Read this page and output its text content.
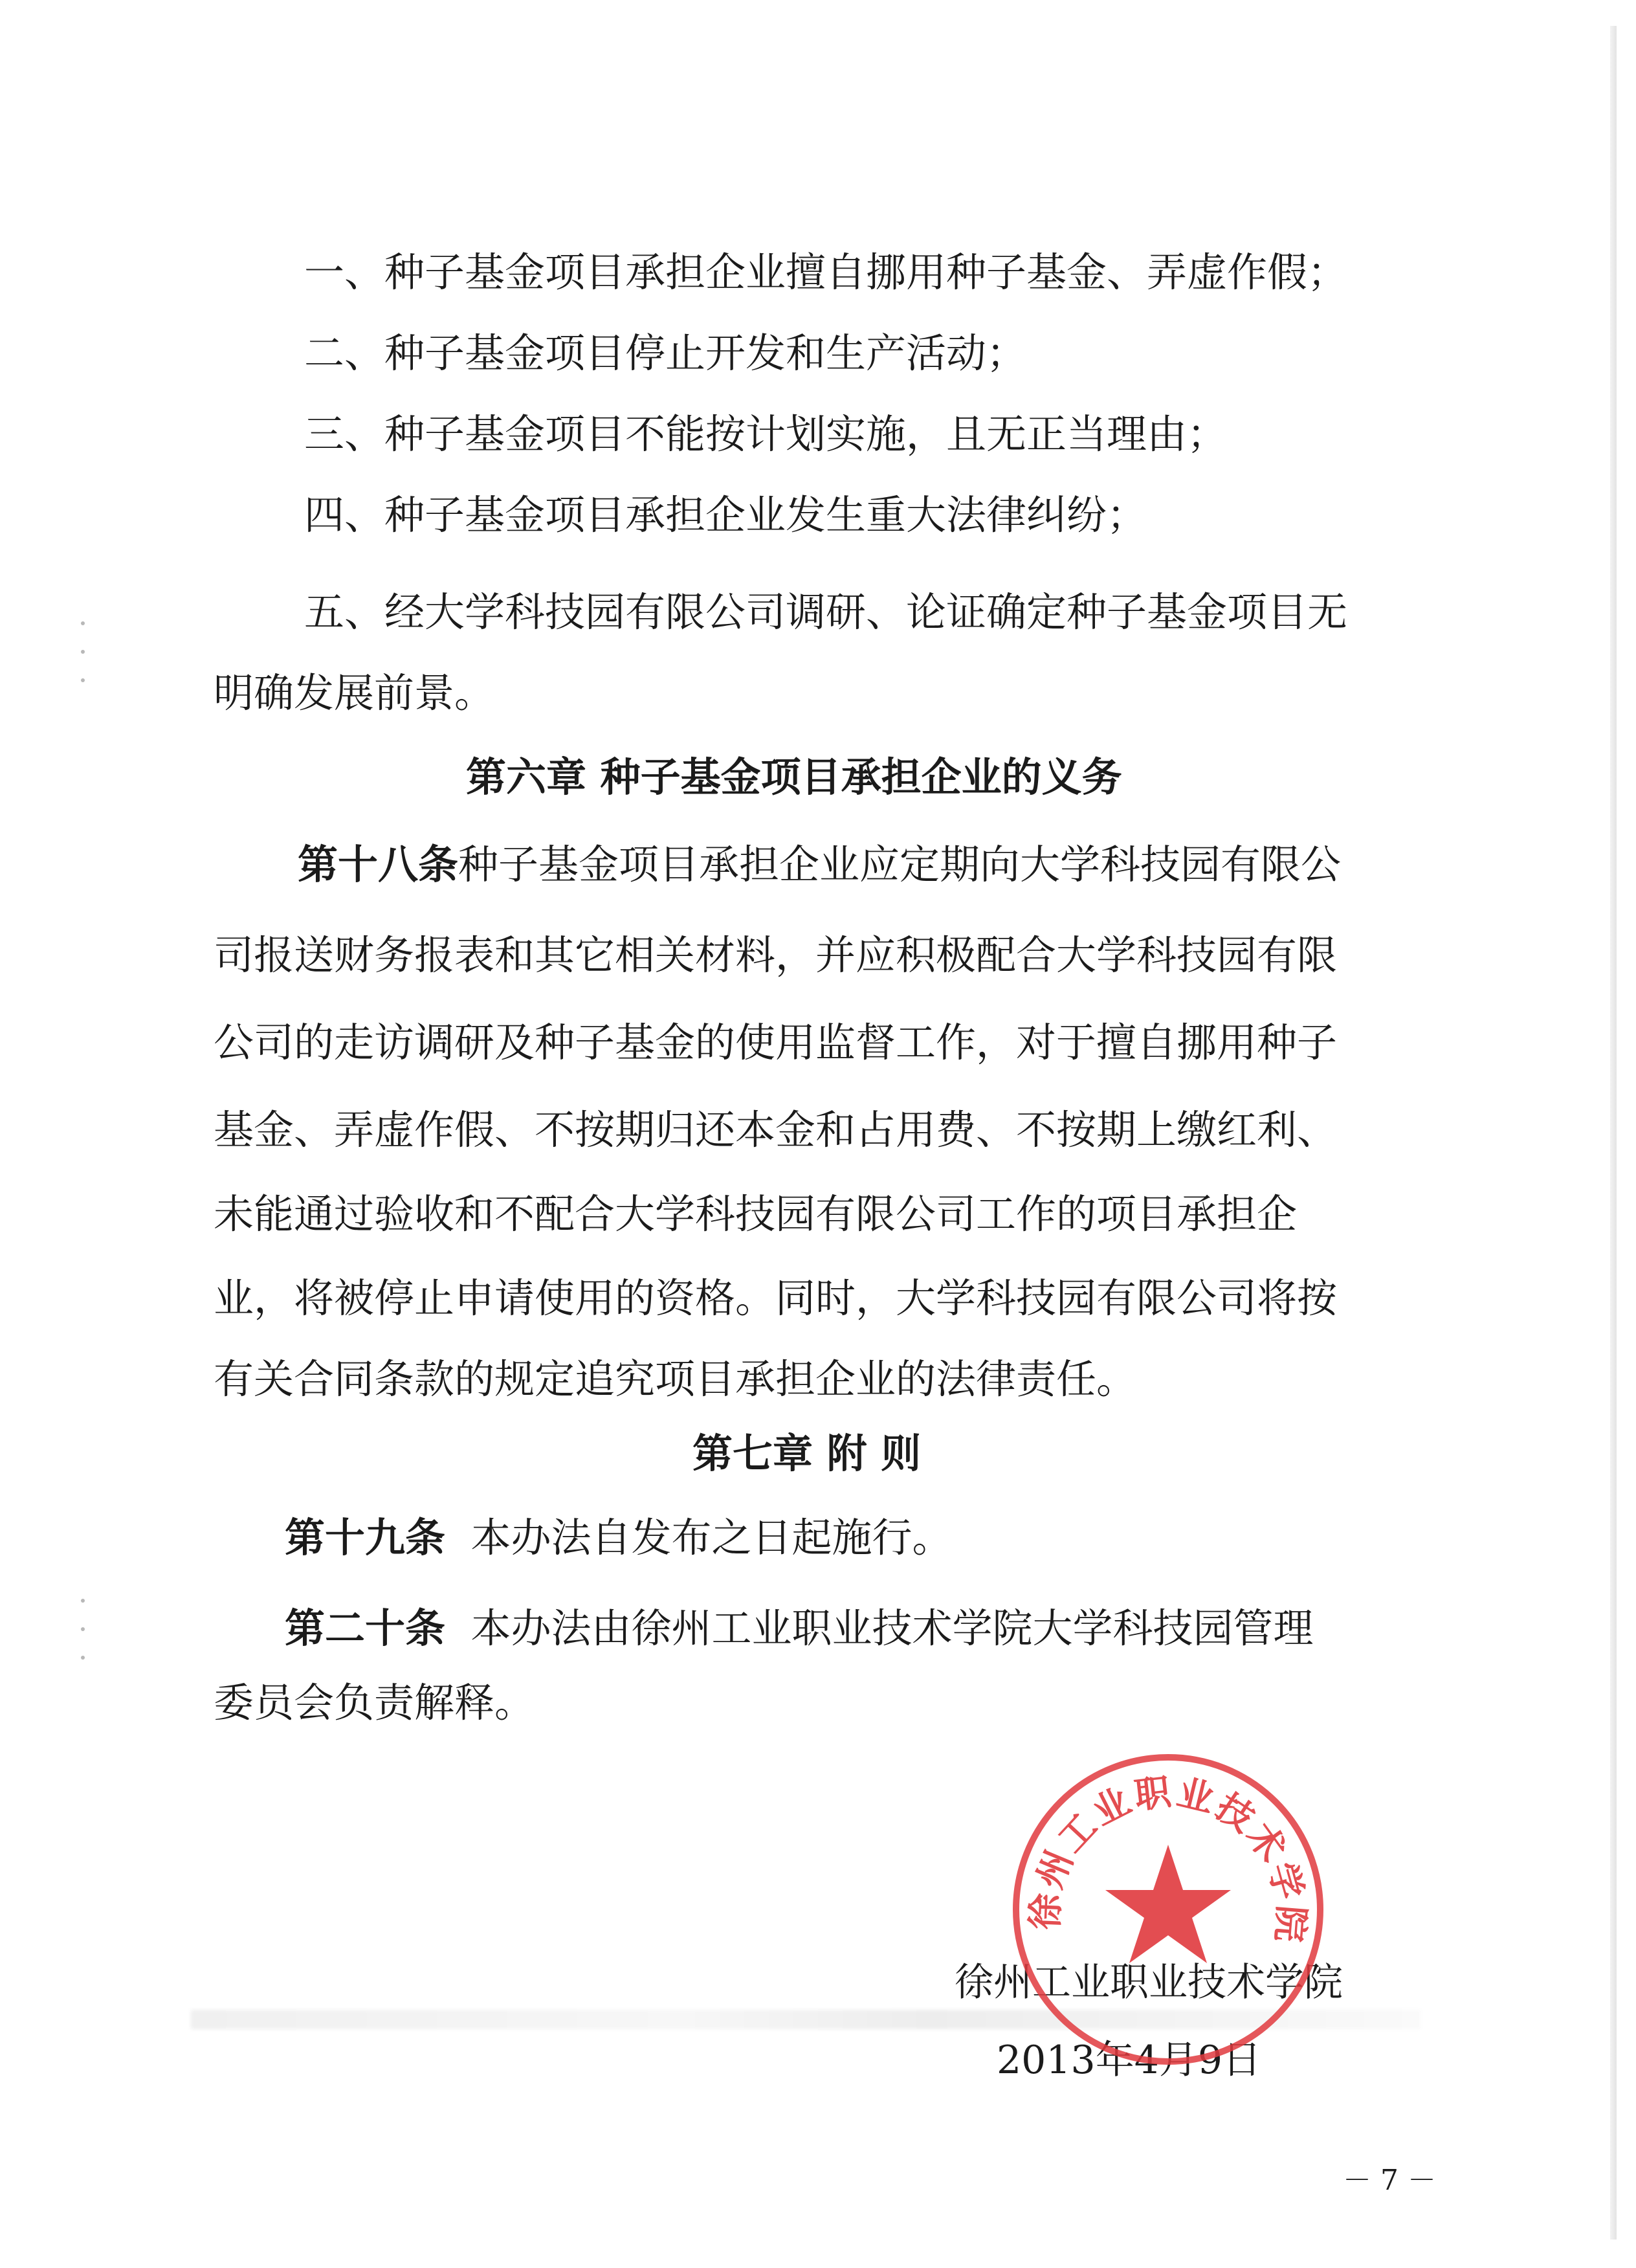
一、种子基金项目承担企业擅自挪用种子基金、弄虚作假；
二、种子基金项目停止开发和生产活动；
三、种子基金项目不能按计划实施，且无正当理由；
四、种子基金项目承担企业发生重大法律纠纷；
五、经大学科技园有限公司调研、论证确定种子基金项目无
明确发展前景。
第六章 种子基金项目承担企业的义务
第十八条种子基金项目承担企业应定期向大学科技园有限公
司报送财务报表和其它相关材料，并应积极配合大学科技园有限
公司的走访调研及种子基金的使用监督工作，对于擅自挪用种子
基金、弄虚作假、不按期归还本金和占用费、不按期上缴红利、
未能通过验收和不配合大学科技园有限公司工作的项目承担企
业，将被停止申请使用的资格。同时，大学科技园有限公司将按
有关合同条款的规定追究项目承担企业的法律责任。
第七章 附 则
第十九条 本办法自发布之日起施行。
第二十条 本办法由徐州工业职业技术学院大学科技园管理
委员会负责解释。
徐州工业职业技术学院
2013年4月9日
徐州工业职业技术学院
－ 7 －
